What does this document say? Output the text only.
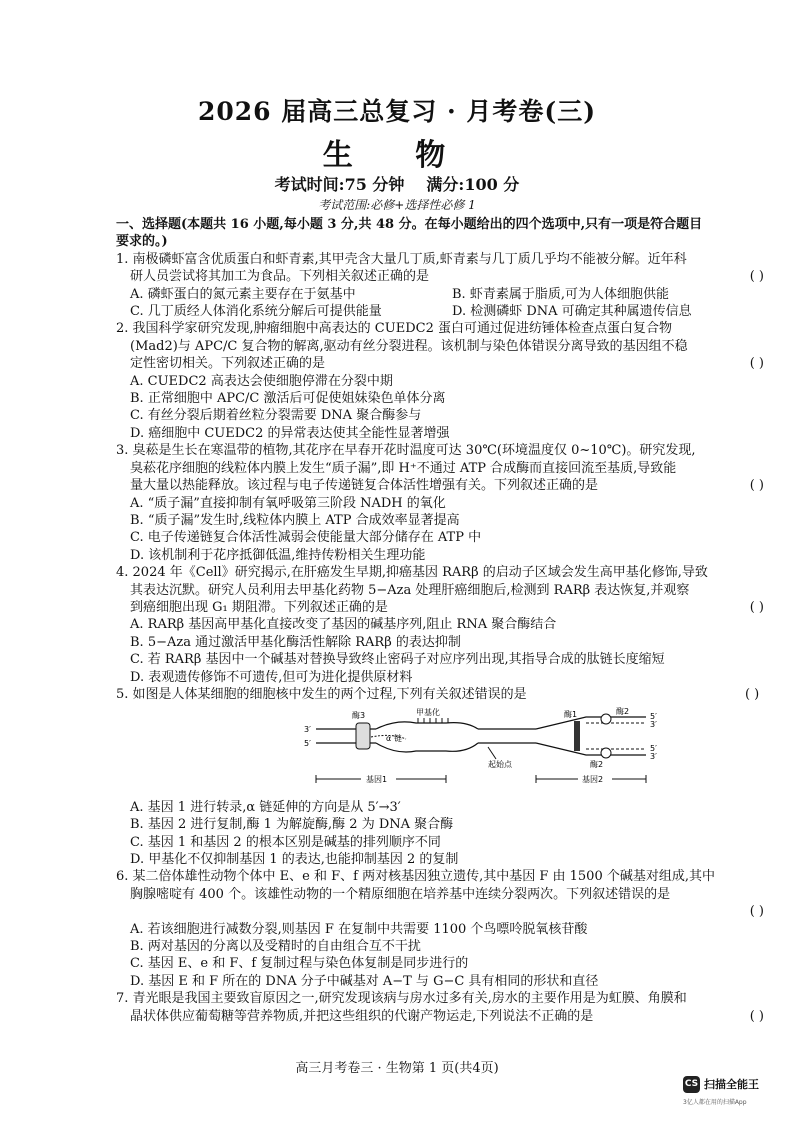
2026 届高三总复习 · 月考卷(三)
生 物
考试时间:75 分钟 满分:100 分
考试范围:必修+选择性必修 1

一、选择题(本题共 16 小题,每小题 3 分,共 48 分。在每小题给出的四个选项中,只有一项是符合题目

要求的。)

1. 南极磷虾富含优质蛋白和虾青素,其甲壳含大量几丁质,虾青素与几丁质几乎均不能被分解。近年科

研人员尝试将其加工为食品。下列相关叙述正确的是	( )

A. 磷虾蛋白的氮元素主要存在于氨基中	B. 虾青素属于脂质,可为人体细胞供能
C. 几丁质经人体消化系统分解后可提供能量	D. 检测磷虾 DNA 可确定其种属遗传信息

2. 我国科学家研究发现,肿瘤细胞中高表达的 CUEDC2 蛋白可通过促进纺锤体检查点蛋白复合物

(Mad2)与 APC/C 复合物的解离,驱动有丝分裂进程。该机制与染色体错误分离导致的基因组不稳

定性密切相关。下列叙述正确的是	( )

A. CUEDC2 高表达会使细胞停滞在分裂中期

B. 正常细胞中 APC/C 激活后可促使姐妹染色单体分离

C. 有丝分裂后期着丝粒分裂需要 DNA 聚合酶参与

D. 癌细胞中 CUEDC2 的异常表达使其全能性显著增强

3. 臭菘是生长在寒温带的植物,其花序在早春开花时温度可达 30℃(环境温度仅 0~10℃)。研究发现,

臭菘花序细胞的线粒体内膜上发生“质子漏”,即 H⁺不通过 ATP 合成酶而直接回流至基质,导致能

量大量以热能释放。该过程与电子传递链复合体活性增强有关。下列叙述正确的是	( )

A. “质子漏”直接抑制有氧呼吸第三阶段 NADH 的氧化

B. “质子漏”发生时,线粒体内膜上 ATP 合成效率显著提高

C. 电子传递链复合体活性减弱会使能量大部分储存在 ATP 中

D. 该机制利于花序抵御低温,维持传粉相关生理功能

4. 2024 年《Cell》研究揭示,在肝癌发生早期,抑癌基因 RARβ 的启动子区域会发生高甲基化修饰,导致

其表达沉默。研究人员利用去甲基化药物 5−Aza 处理肝癌细胞后,检测到 RARβ 表达恢复,并观察

到癌细胞出现 G₁ 期阻滞。下列叙述正确的是	( )

A. RARβ 基因高甲基化直接改变了基因的碱基序列,阻止 RNA 聚合酶结合

B. 5−Aza 通过激活甲基化酶活性解除 RARβ 的表达抑制

C. 若 RARβ 基因中一个碱基对替换导致终止密码子对应序列出现,其指导合成的肽链长度缩短

D. 表观遗传修饰不可遗传,但可为进化提供原材料

5. 如图是人体某细胞的细胞核中发生的两个过程,下列有关叙述错误的是	( )

酶3	甲基化
α 链
起始点
酶1	酶2
酶2
3′
5′
5′
3′
5′
3′
基因1	基因2

A. 基因 1 进行转录,α 链延伸的方向是从 5′→3′

B. 基因 2 进行复制,酶 1 为解旋酶,酶 2 为 DNA 聚合酶

C. 基因 1 和基因 2 的根本区别是碱基的排列顺序不同

D. 甲基化不仅抑制基因 1 的表达,也能抑制基因 2 的复制

6. 某二倍体雄性动物个体中 E、e 和 F、f 两对核基因独立遗传,其中基因 F 由 1500 个碱基对组成,其中

胸腺嘧啶有 400 个。该雄性动物的一个精原细胞在培养基中连续分裂两次。下列叙述错误的是

( )

A. 若该细胞进行减数分裂,则基因 F 在复制中共需要 1100 个鸟嘌呤脱氧核苷酸

B. 两对基因的分离以及受精时的自由组合互不干扰

C. 基因 E、e 和 F、f 复制过程与染色体复制是同步进行的

D. 基因 E 和 F 所在的 DNA 分子中碱基对 A−T 与 G−C 具有相同的形状和直径

7. 青光眼是我国主要致盲原因之一,研究发现该病与房水过多有关,房水的主要作用是为虹膜、角膜和

晶状体供应葡萄糖等营养物质,并把这些组织的代谢产物运走,下列说法不正确的是	( )

高三月考卷三 · 生物第 1 页(共4页)
CS 扫描全能王
3亿人都在用的扫描App
